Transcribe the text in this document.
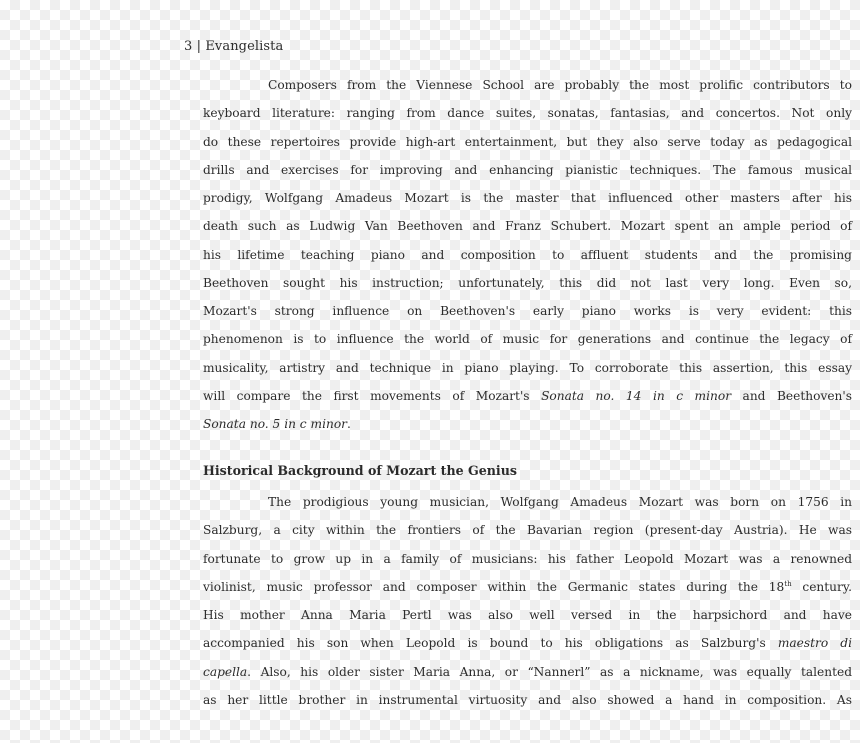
3 | Evangelista
Composers from the Viennese School are probably the most prolific contributors to
keyboard literature: ranging from dance suites, sonatas, fantasias, and concertos. Not only
do these repertoires provide high-art entertainment, but they also serve today as pedagogical
drills and exercises for improving and enhancing pianistic techniques. The famous musical
prodigy, Wolfgang Amadeus Mozart is the master that influenced other masters after his
death such as Ludwig Van Beethoven and Franz Schubert. Mozart spent an ample period of
his lifetime teaching piano and composition to affluent students and the promising
Beethoven sought his instruction; unfortunately, this did not last very long. Even so,
Mozart's strong influence on Beethoven's early piano works is very evident: this
phenomenon is to influence the world of music for generations and continue the legacy of
musicality, artistry and technique in piano playing. To corroborate this assertion, this essay
will compare the first movements of Mozart's Sonata no. 14 in c minor and Beethoven's
Sonata no. 5 in c minor.
Historical Background of Mozart the Genius
The prodigious young musician, Wolfgang Amadeus Mozart was born on 1756 in
Salzburg, a city within the frontiers of the Bavarian region (present-day Austria). He was
fortunate to grow up in a family of musicians: his father Leopold Mozart was a renowned
violinist, music professor and composer within the Germanic states during the 18th century.
His mother Anna Maria Pertl was also well versed in the harpsichord and have
accompanied his son when Leopold is bound to his obligations as Salzburg's maestro di
capella. Also, his older sister Maria Anna, or “Nannerl” as a nickname, was equally talented
as her little brother in instrumental virtuosity and also showed a hand in composition. As
